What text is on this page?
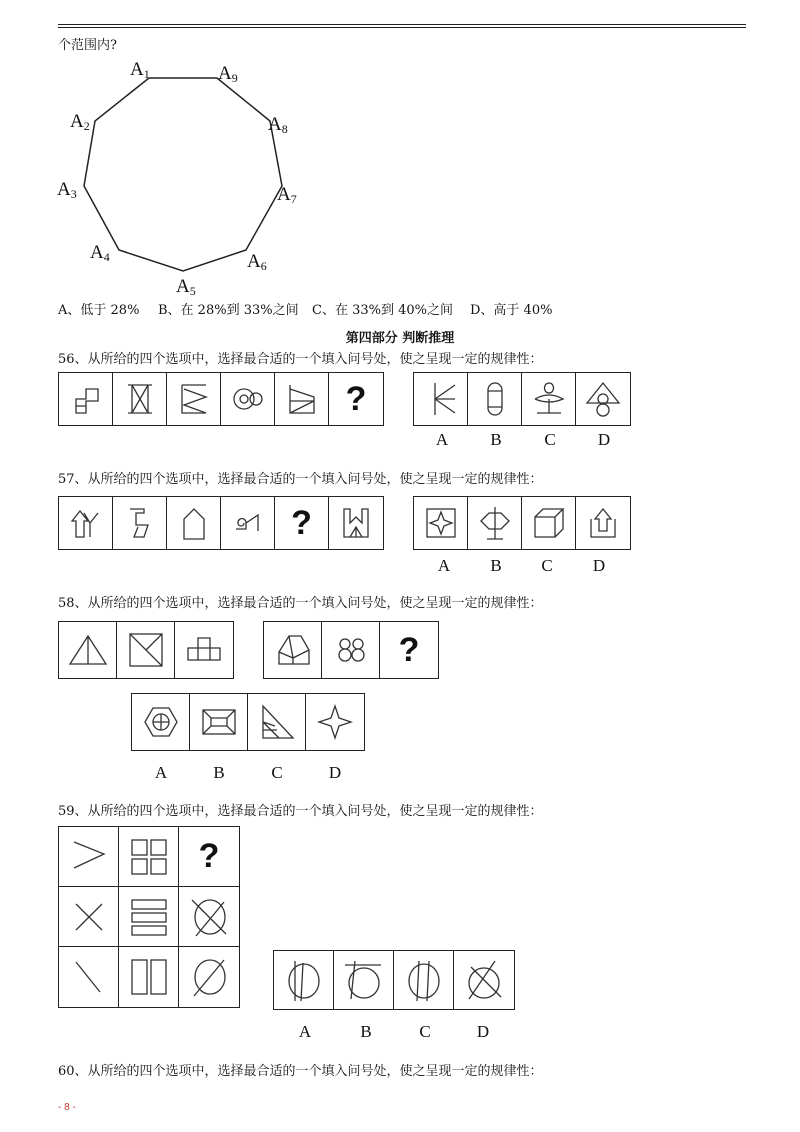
个范围内?
A1
A2
A3
A4
A5
A6
A7
A8
A9
A、低于 28% B、在 28%到 33%之间 C、在 33%到 40%之间 D、高于 40%
第四部分 判断推理
56、从所给的四个选项中，选择最合适的一个填入问号处，使之呈现一定的规律性：
?
A	B	C	D
57、从所给的四个选项中，选择最合适的一个填入问号处，使之呈现一定的规律性：
?
A	B	C	D
58、从所给的四个选项中，选择最合适的一个填入问号处，使之呈现一定的规律性：
?
A	B	C	D
59、从所给的四个选项中，选择最合适的一个填入问号处，使之呈现一定的规律性：
?
A	B	C	D
60、从所给的四个选项中，选择最合适的一个填入问号处，使之呈现一定的规律性：
- 8 -
